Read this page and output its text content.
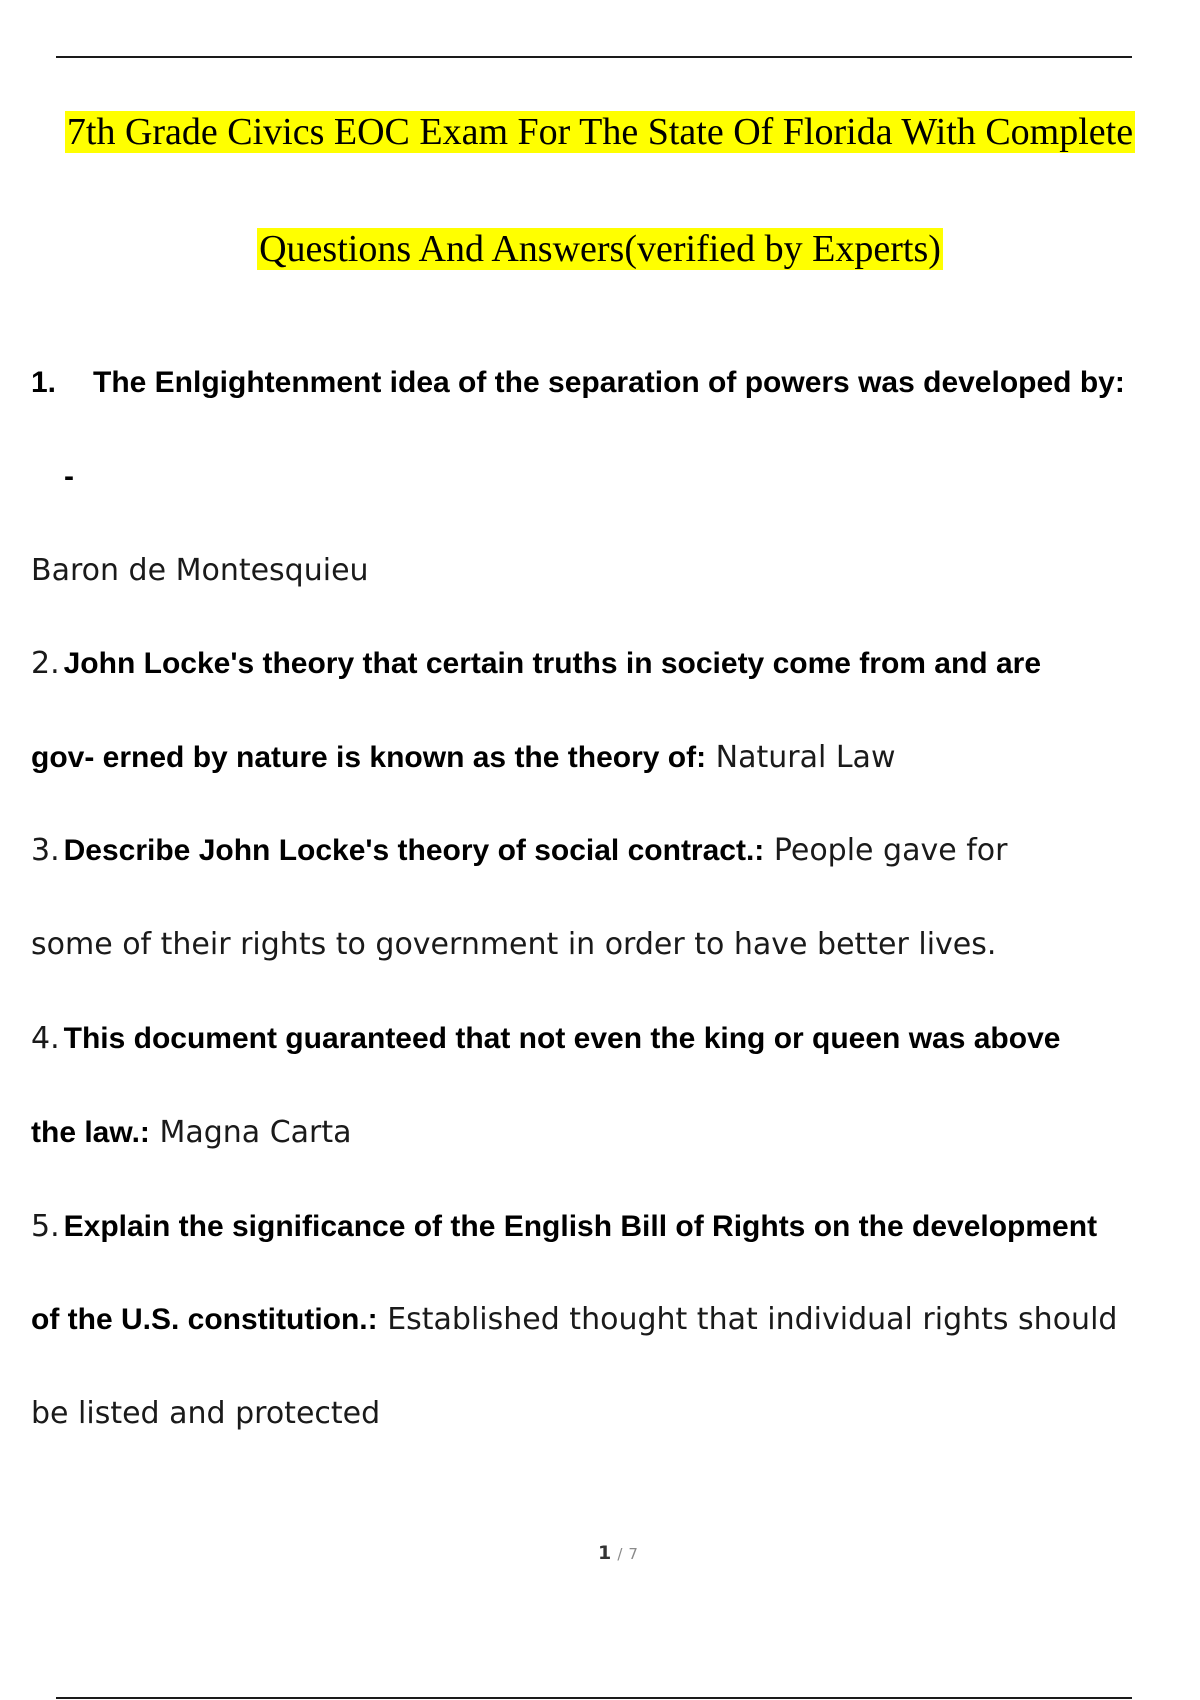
7th Grade Civics EOC Exam For The State Of Florida With Complete
Questions And Answers(verified by Experts)
1. The Enlgightenment idea of the separation of powers was developed by:
-
Baron de Montesquieu
2. John Locke's theory that certain truths in society come from and are
gov- erned by nature is known as the theory of: Natural Law
3. Describe John Locke's theory of social contract.: People gave for
some of their rights to government in order to have better lives.
4. This document guaranteed that not even the king or queen was above
the law.: Magna Carta
5. Explain the significance of the English Bill of Rights on the development
of the U.S. constitution.: Established thought that individual rights should
be listed and protected
1 / 7
